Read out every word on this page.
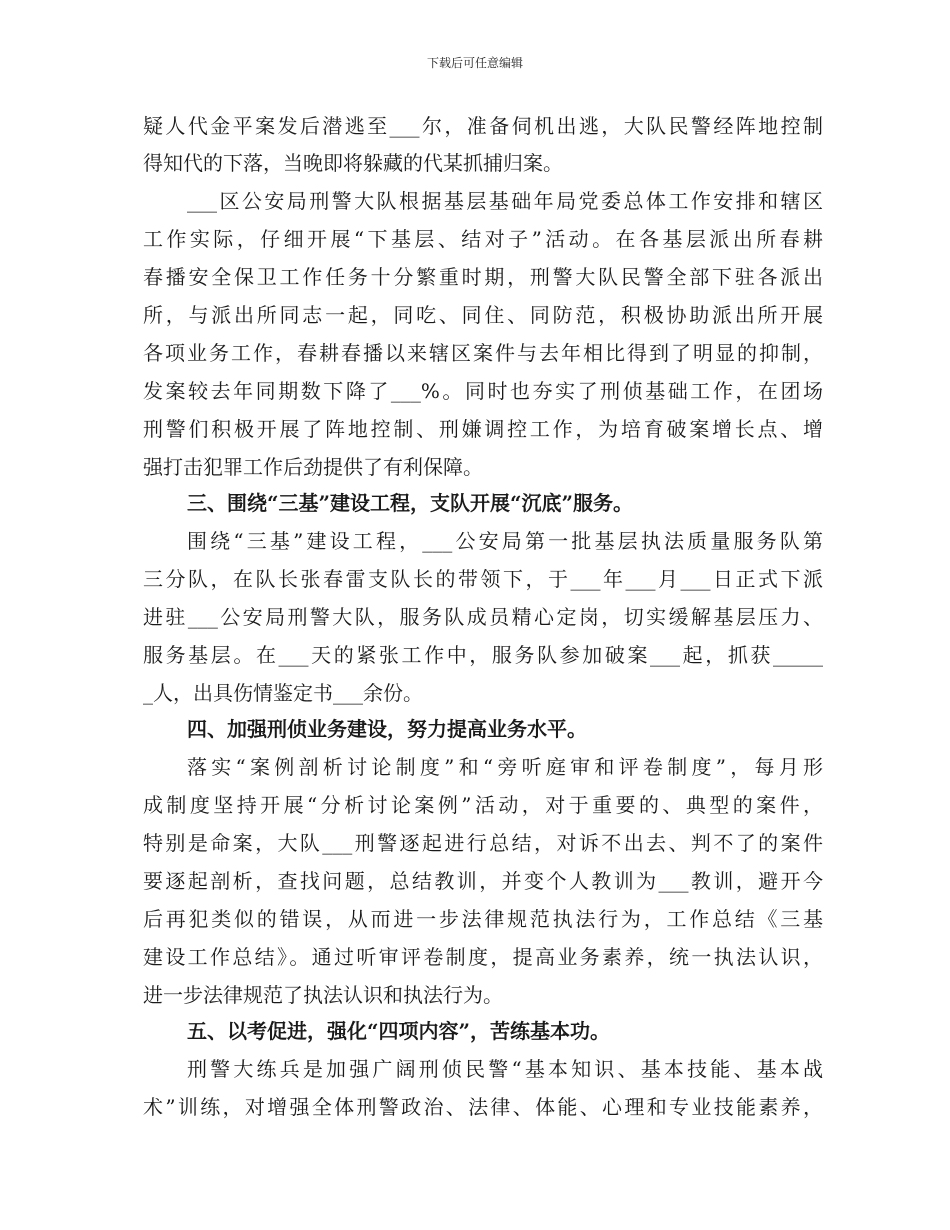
下载后可任意编辑
疑人代金平案发后潜逃至___尔，准备伺机出逃，大队民警经阵地控制
得知代的下落，当晚即将躲藏的代某抓捕归案。
___区公安局刑警大队根据基层基础年局党委总体工作安排和辖区
工作实际，仔细开展“下基层、结对子”活动。在各基层派出所春耕
春播安全保卫工作任务十分繁重时期，刑警大队民警全部下驻各派出
所，与派出所同志一起，同吃、同住、同防范，积极协助派出所开展
各项业务工作，春耕春播以来辖区案件与去年相比得到了明显的抑制，
发案较去年同期数下降了___%。同时也夯实了刑侦基础工作，在团场
刑警们积极开展了阵地控制、刑嫌调控工作，为培育破案增长点、增
强打击犯罪工作后劲提供了有利保障。
三、围绕“三基”建设工程，支队开展“沉底”服务。
围绕“三基”建设工程，___公安局第一批基层执法质量服务队第
三分队，在队长张春雷支队长的带领下，于___年___月___日正式下派
进驻___公安局刑警大队，服务队成员精心定岗，切实缓解基层压力、
服务基层。在___天的紧张工作中，服务队参加破案___起，抓获_____
_人，出具伤情鉴定书___余份。
四、加强刑侦业务建设，努力提高业务水平。
落实“案例剖析讨论制度”和“旁听庭审和评卷制度”，每月形
成制度坚持开展“分析讨论案例”活动，对于重要的、典型的案件，
特别是命案，大队___刑警逐起进行总结，对诉不出去、判不了的案件
要逐起剖析，查找问题，总结教训，并变个人教训为___教训，避开今
后再犯类似的错误，从而进一步法律规范执法行为，工作总结《三基
建设工作总结》。通过听审评卷制度，提高业务素养，统一执法认识，
进一步法律规范了执法认识和执法行为。
五、以考促进，强化“四项内容”，苦练基本功。
刑警大练兵是加强广阔刑侦民警“基本知识、基本技能、基本战
术”训练，对增强全体刑警政治、法律、体能、心理和专业技能素养，
